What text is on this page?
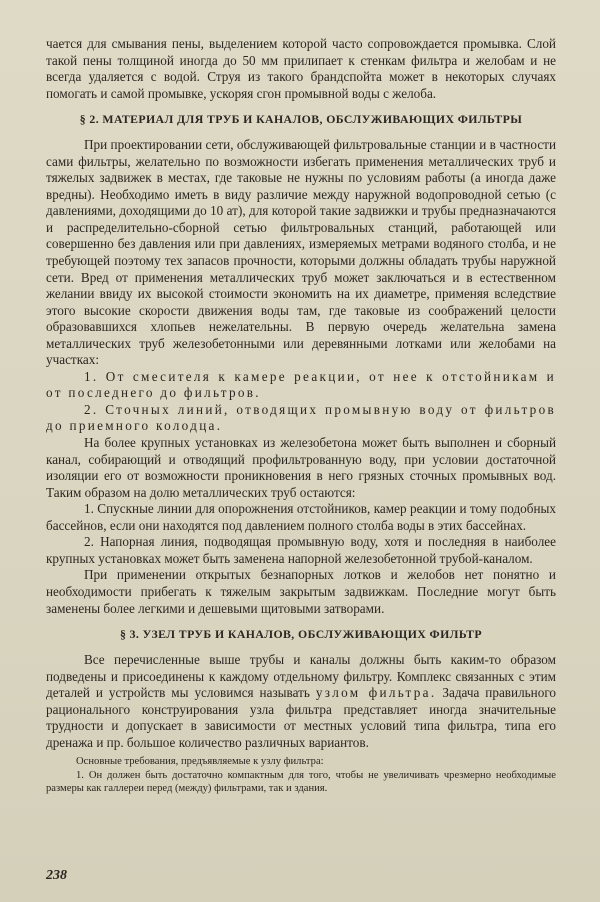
чается для смывания пены, выделением которой часто сопровождается промывка. Слой такой пены толщиной иногда до 50 мм прилипает к стенкам фильтра и желобам и не всегда удаляется с водой. Струя из такого брандспойта может в некоторых случаях помогать и самой промывке, ускоряя сгон промывной воды с желоба.

§ 2. МАТЕРИАЛ ДЛЯ ТРУБ И КАНАЛОВ, ОБСЛУЖИВАЮЩИХ ФИЛЬТРЫ

При проектировании сети, обслуживающей фильтровальные станции и в частности сами фильтры, желательно по возможности избегать применения металлических труб и тяжелых задвижек в местах, где таковые не нужны по условиям работы (а иногда даже вредны). Необходимо иметь в виду различие между наружной водопроводной сетью (с давлениями, доходящими до 10 ат), для которой такие задвижки и трубы предназначаются и распределительно-сборной сетью фильтровальных станций, работающей или совершенно без давления или при давлениях, измеряемых метрами водяного столба, и не требующей поэтому тех запасов прочности, которыми должны обладать трубы наружной сети. Вред от применения металлических труб может заключаться и в естественном желании ввиду их высокой стоимости экономить на их диаметре, применяя вследствие этого высокие скорости движения воды там, где таковые из соображений целости образовавшихся хлопьев нежелательны. В первую очередь желательна замена металлических труб железобетонными или деревянными лотками или желобами на участках:

1. От смесителя к камере реакции, от нее к отстойникам и от последнего до фильтров.

2. Сточных линий, отводящих промывную воду от фильтров до приемного колодца.

На более крупных установках из железобетона может быть выполнен и сборный канал, собирающий и отводящий профильтрованную воду, при условии достаточной изоляции его от возможности проникновения в него грязных сточных промывных вод. Таким образом на долю металлических труб остаются:

1. Спускные линии для опорожнения отстойников, камер реакции и тому подобных бассейнов, если они находятся под давлением полного столба воды в этих бассейнах.

2. Напорная линия, подводящая промывную воду, хотя и последняя в наиболее крупных установках может быть заменена напорной железобетонной трубой-каналом.

При применении открытых безнапорных лотков и желобов нет понятно и необходимости прибегать к тяжелым закрытым задвижкам. Последние могут быть заменены более легкими и дешевыми щитовыми затворами.

§ 3. УЗЕЛ ТРУБ И КАНАЛОВ, ОБСЛУЖИВАЮЩИХ ФИЛЬТР

Все перечисленные выше трубы и каналы должны быть каким-то образом подведены и присоединены к каждому отдельному фильтру. Комплекс связанных с этим деталей и устройств мы условимся называть узлом фильтра. Задача правильного рационального конструирования узла фильтра представляет иногда значительные трудности и допускает в зависимости от местных условий типа фильтра, типа его дренажа и пр. большое количество различных вариантов.

Основные требования, предъявляемые к узлу фильтра:

1. Он должен быть достаточно компактным для того, чтобы не увеличивать чрезмерно необходимые размеры как галлереи перед (между) фильтрами, так и здания.

238
